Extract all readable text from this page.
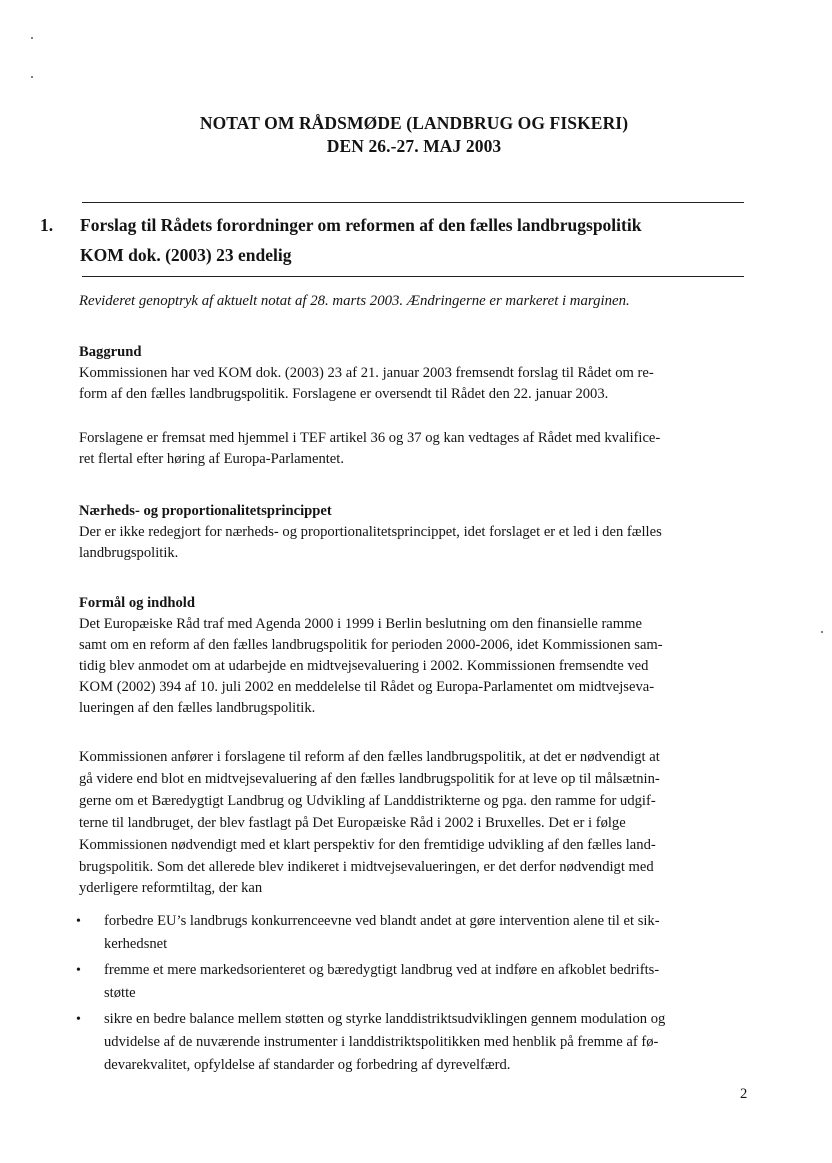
NOTAT OM RÅDSMØDE (LANDBRUG OG FISKERI)
DEN 26.-27. MAJ 2003
1. Forslag til Rådets forordninger om reformen af den fælles landbrugspolitik
KOM dok. (2003) 23 endelig
Revideret genoptryk af aktuelt notat af 28. marts 2003. Ændringerne er markeret i marginen.
Baggrund

Kommissionen har ved KOM dok. (2003) 23 af 21. januar 2003 fremsendt forslag til Rådet om re-

form af den fælles landbrugspolitik. Forslagene er oversendt til Rådet den 22. januar 2003.

Forslagene er fremsat med hjemmel i TEF artikel 36 og 37 og kan vedtages af Rådet med kvalifice-

ret flertal efter høring af Europa-Parlamentet.

Nærheds- og proportionalitetsprincippet

Der er ikke redegjort for nærheds- og proportionalitetsprincippet, idet forslaget er et led i den fælles

landbrugspolitik.

Formål og indhold

Det Europæiske Råd traf med Agenda 2000 i 1999 i Berlin beslutning om den finansielle ramme

samt om en reform af den fælles landbrugspolitik for perioden 2000-2006, idet Kommissionen sam-

tidig blev anmodet om at udarbejde en midtvejsevaluering i 2002. Kommissionen fremsendte ved

KOM (2002) 394 af 10. juli 2002 en meddelelse til Rådet og Europa-Parlamentet om midtvejseva-

lueringen af den fælles landbrugspolitik.

Kommissionen anfører i forslagene til reform af den fælles landbrugspolitik, at det er nødvendigt at

gå videre end blot en midtvejsevaluering af den fælles landbrugspolitik for at leve op til målsætnin-

gerne om et Bæredygtigt Landbrug og Udvikling af Landdistrikterne og pga. den ramme for udgif-

terne til landbruget, der blev fastlagt på Det Europæiske Råd i 2002 i Bruxelles. Det er i følge

Kommissionen nødvendigt med et klart perspektiv for den fremtidige udvikling af den fælles land-

brugspolitik. Som det allerede blev indikeret i midtvejsevalueringen, er det derfor nødvendigt med

yderligere reformtiltag, der kan

• forbedre EU’s landbrugs konkurrenceevne ved blandt andet at gøre intervention alene til et sik-
kerhedsnet
• fremme et mere markedsorienteret og bæredygtigt landbrug ved at indføre en afkoblet bedrifts-
støtte
• sikre en bedre balance mellem støtten og styrke landdistriktsudviklingen gennem modulation og
udvidelse af de nuværende instrumenter i landdistriktspolitikken med henblik på fremme af fø-
devarekvalitet, opfyldelse af standarder og forbedring af dyrevelfærd.
2
